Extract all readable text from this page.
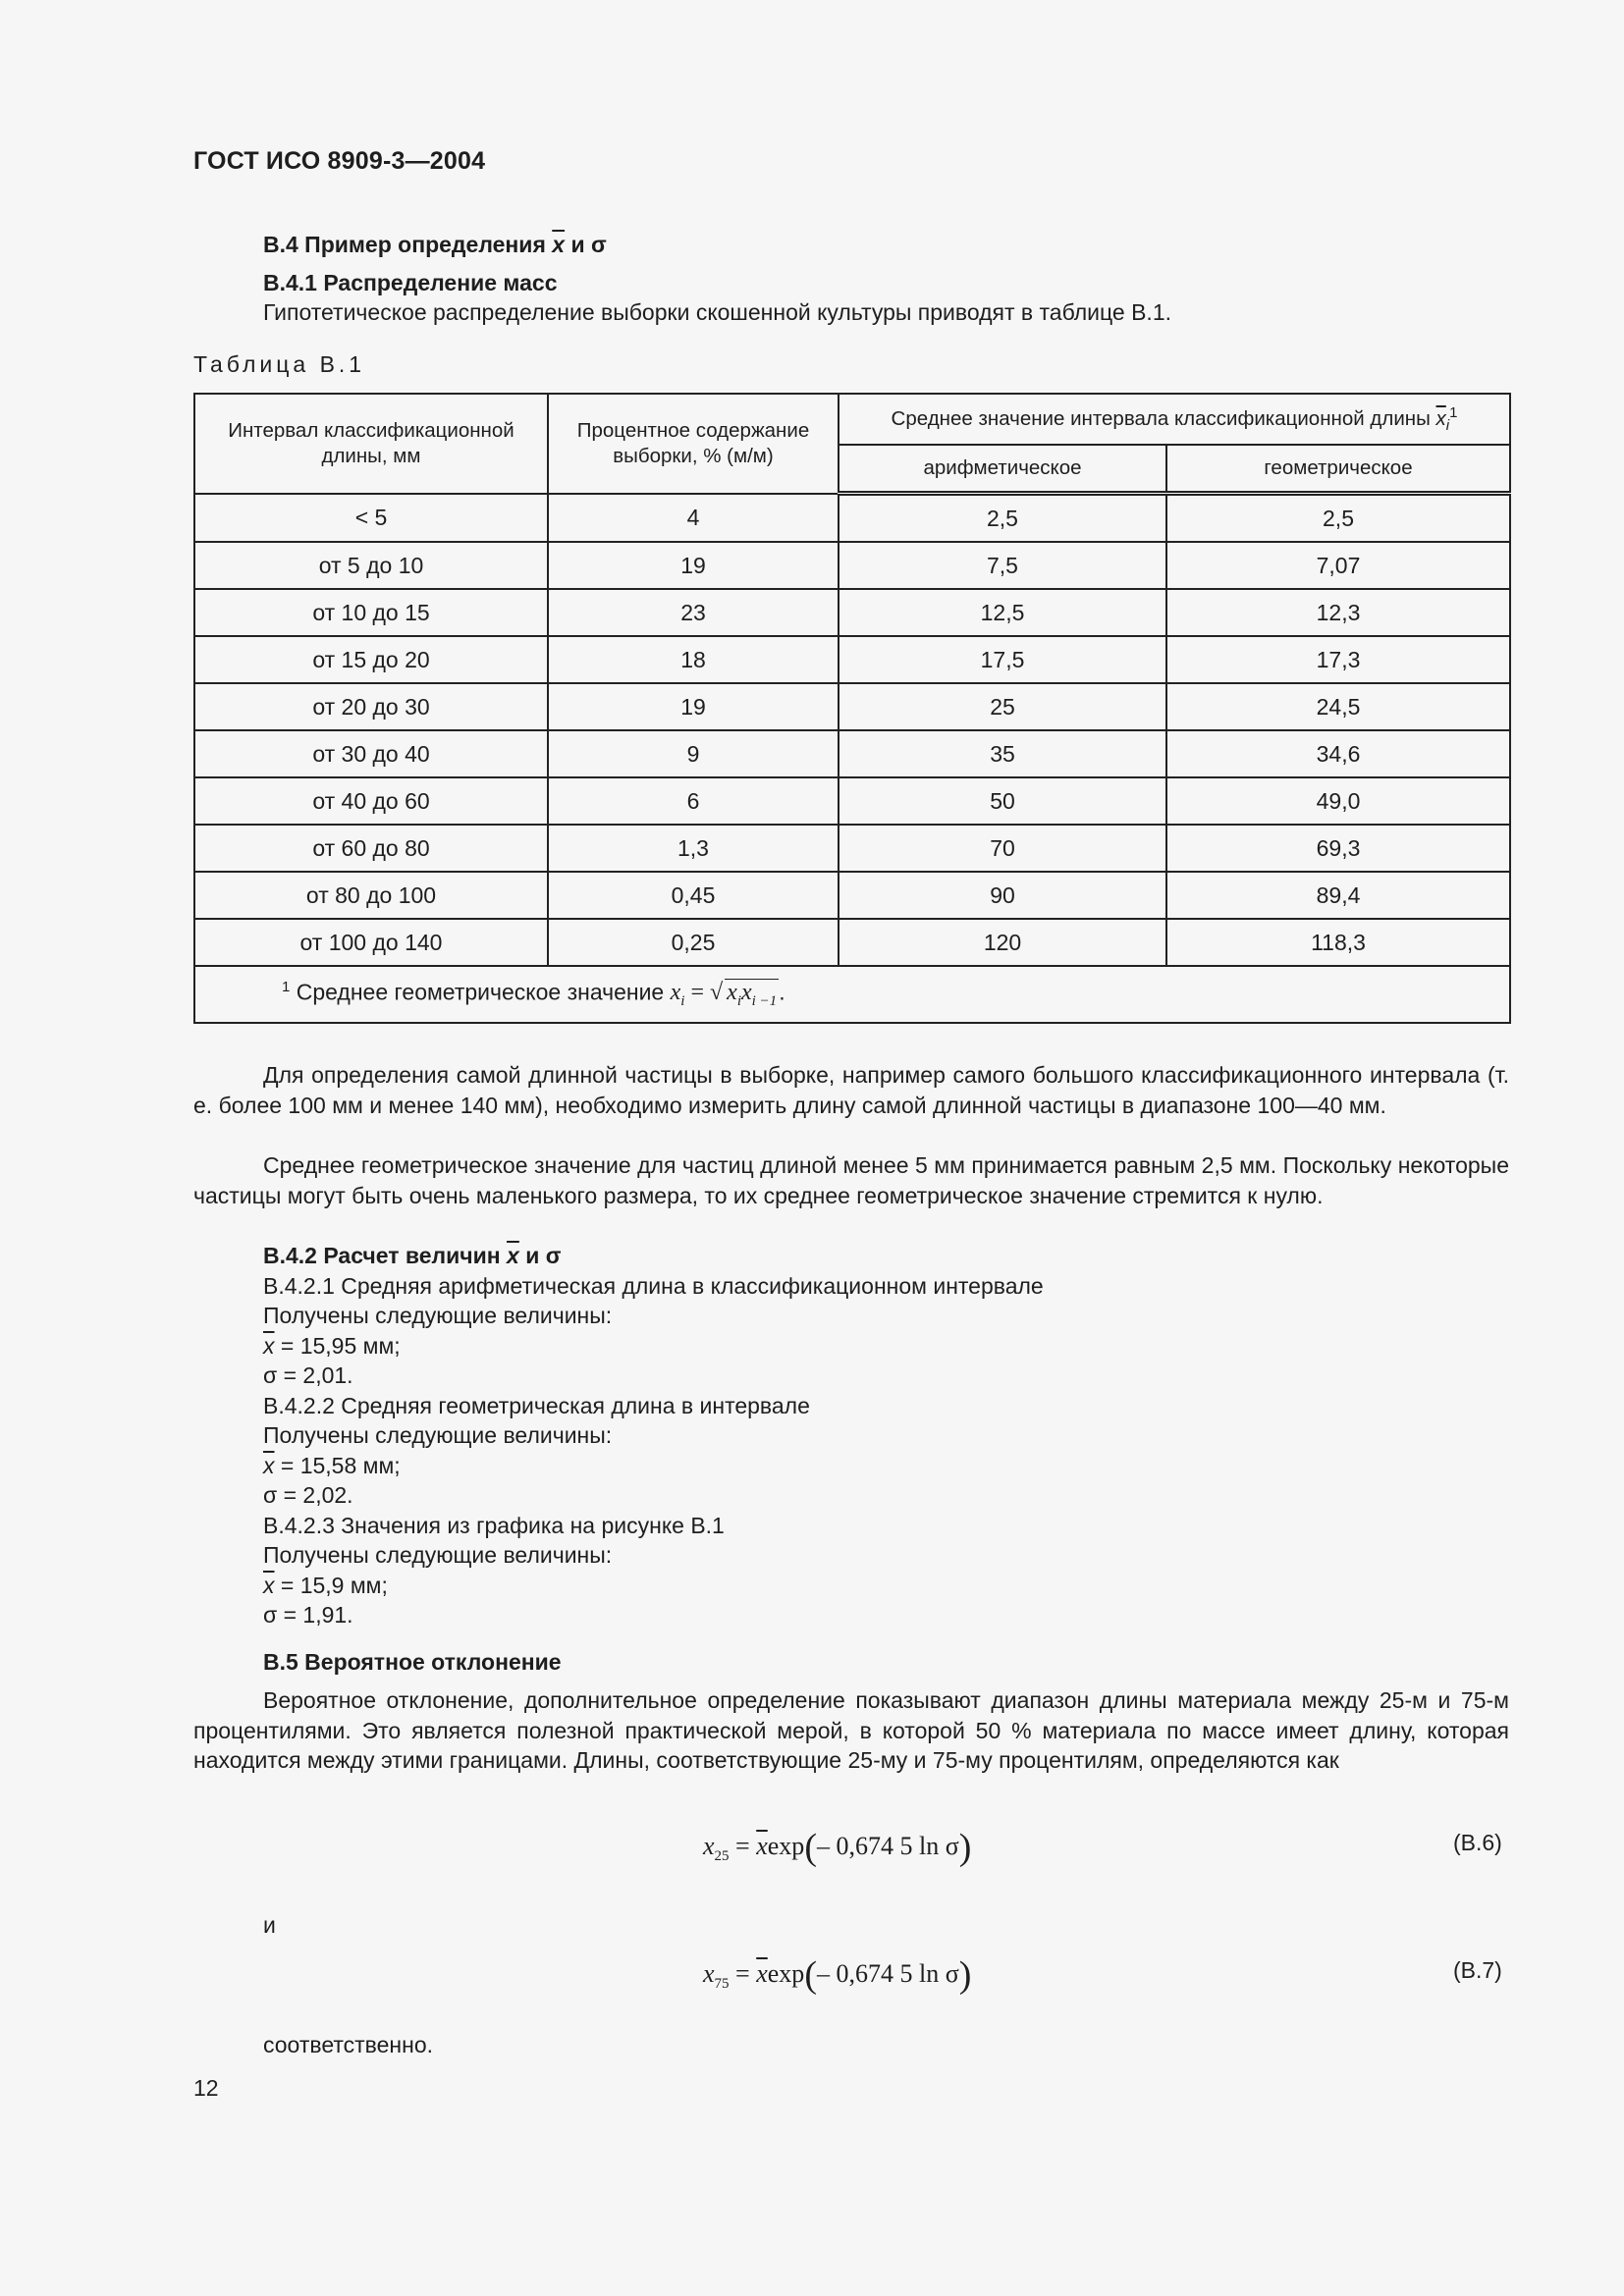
ГОСТ ИСО 8909-3—2004
В.4 Пример определения $\overline{x}$ и σ
В.4.1 Распределение масс
Гипотетическое распределение выборки скошенной культуры приводят в таблице В.1.
Таблица В.1
Интервал классификационной длины, мм	Процентное содержание выборки, % (м/м)	Среднее значение интервала классификационной длины $\overline{x}_i^1$
		арифметическое	геометрическое
< 5	4	2,5	2,5
от 5 до 10	19	7,5	7,07
от 10 до 15	23	12,5	12,3
от 15 до 20	18	17,5	17,3
от 20 до 30	19	25	24,5
от 30 до 40	9	35	34,6
от 40 до 60	6	50	49,0
от 60 до 80	1,3	70	69,3
от 80 до 100	0,45	90	89,4
от 100 до 140	0,25	120	118,3
$^1$ Среднее геометрическое значение $x_i$ = √ $x_ix_{i -1}$.			
Для определения самой длинной частицы в выборке, например самого большого классификационного интервала (т. е. более 100 мм и менее 140 мм), необходимо измерить длину самой длинной частицы в диапазоне 100—40 мм.
Среднее геометрическое значение для частиц длиной менее 5 мм принимается равным 2,5 мм. Поскольку некоторые частицы могут быть очень маленького размера, то их среднее геометрическое значение стремится к нулю.
В.4.2 Расчет величин $\overline{x}$ и σ
В.4.2.1 Средняя арифметическая длина в классификационном интервале
Получены следующие величины:
$\overline{x} = 15,95$ мм;
σ = 2,01.
В.4.2.2 Средняя геометрическая длина в интервале
Получены следующие величины:
$\overline{x} = 15,58$ мм;
σ = 2,02.
В.4.2.3 Значения из графика на рисунке В.1
Получены следующие величины:
$\overline{x} = 15,9$ мм;
σ = 1,91.
В.5 Вероятное отклонение
Вероятное отклонение, дополнительное определение показывают диапазон длины материала между 25-м и 75-м процентилями. Это является полезной практической мерой, в которой 50 % материала по массе имеет длину, которая находится между этими границами. Длины, соответствующие 25-му и 75-му процентилям, определяются как
$x_{25} = \overline{x}\exp(-$ 0,674 5 ln σ)	(B.6)
и
$x_{75} = \overline{x}\exp(-$ 0,674 5 ln σ)	(B.7)
соответственно.
12
